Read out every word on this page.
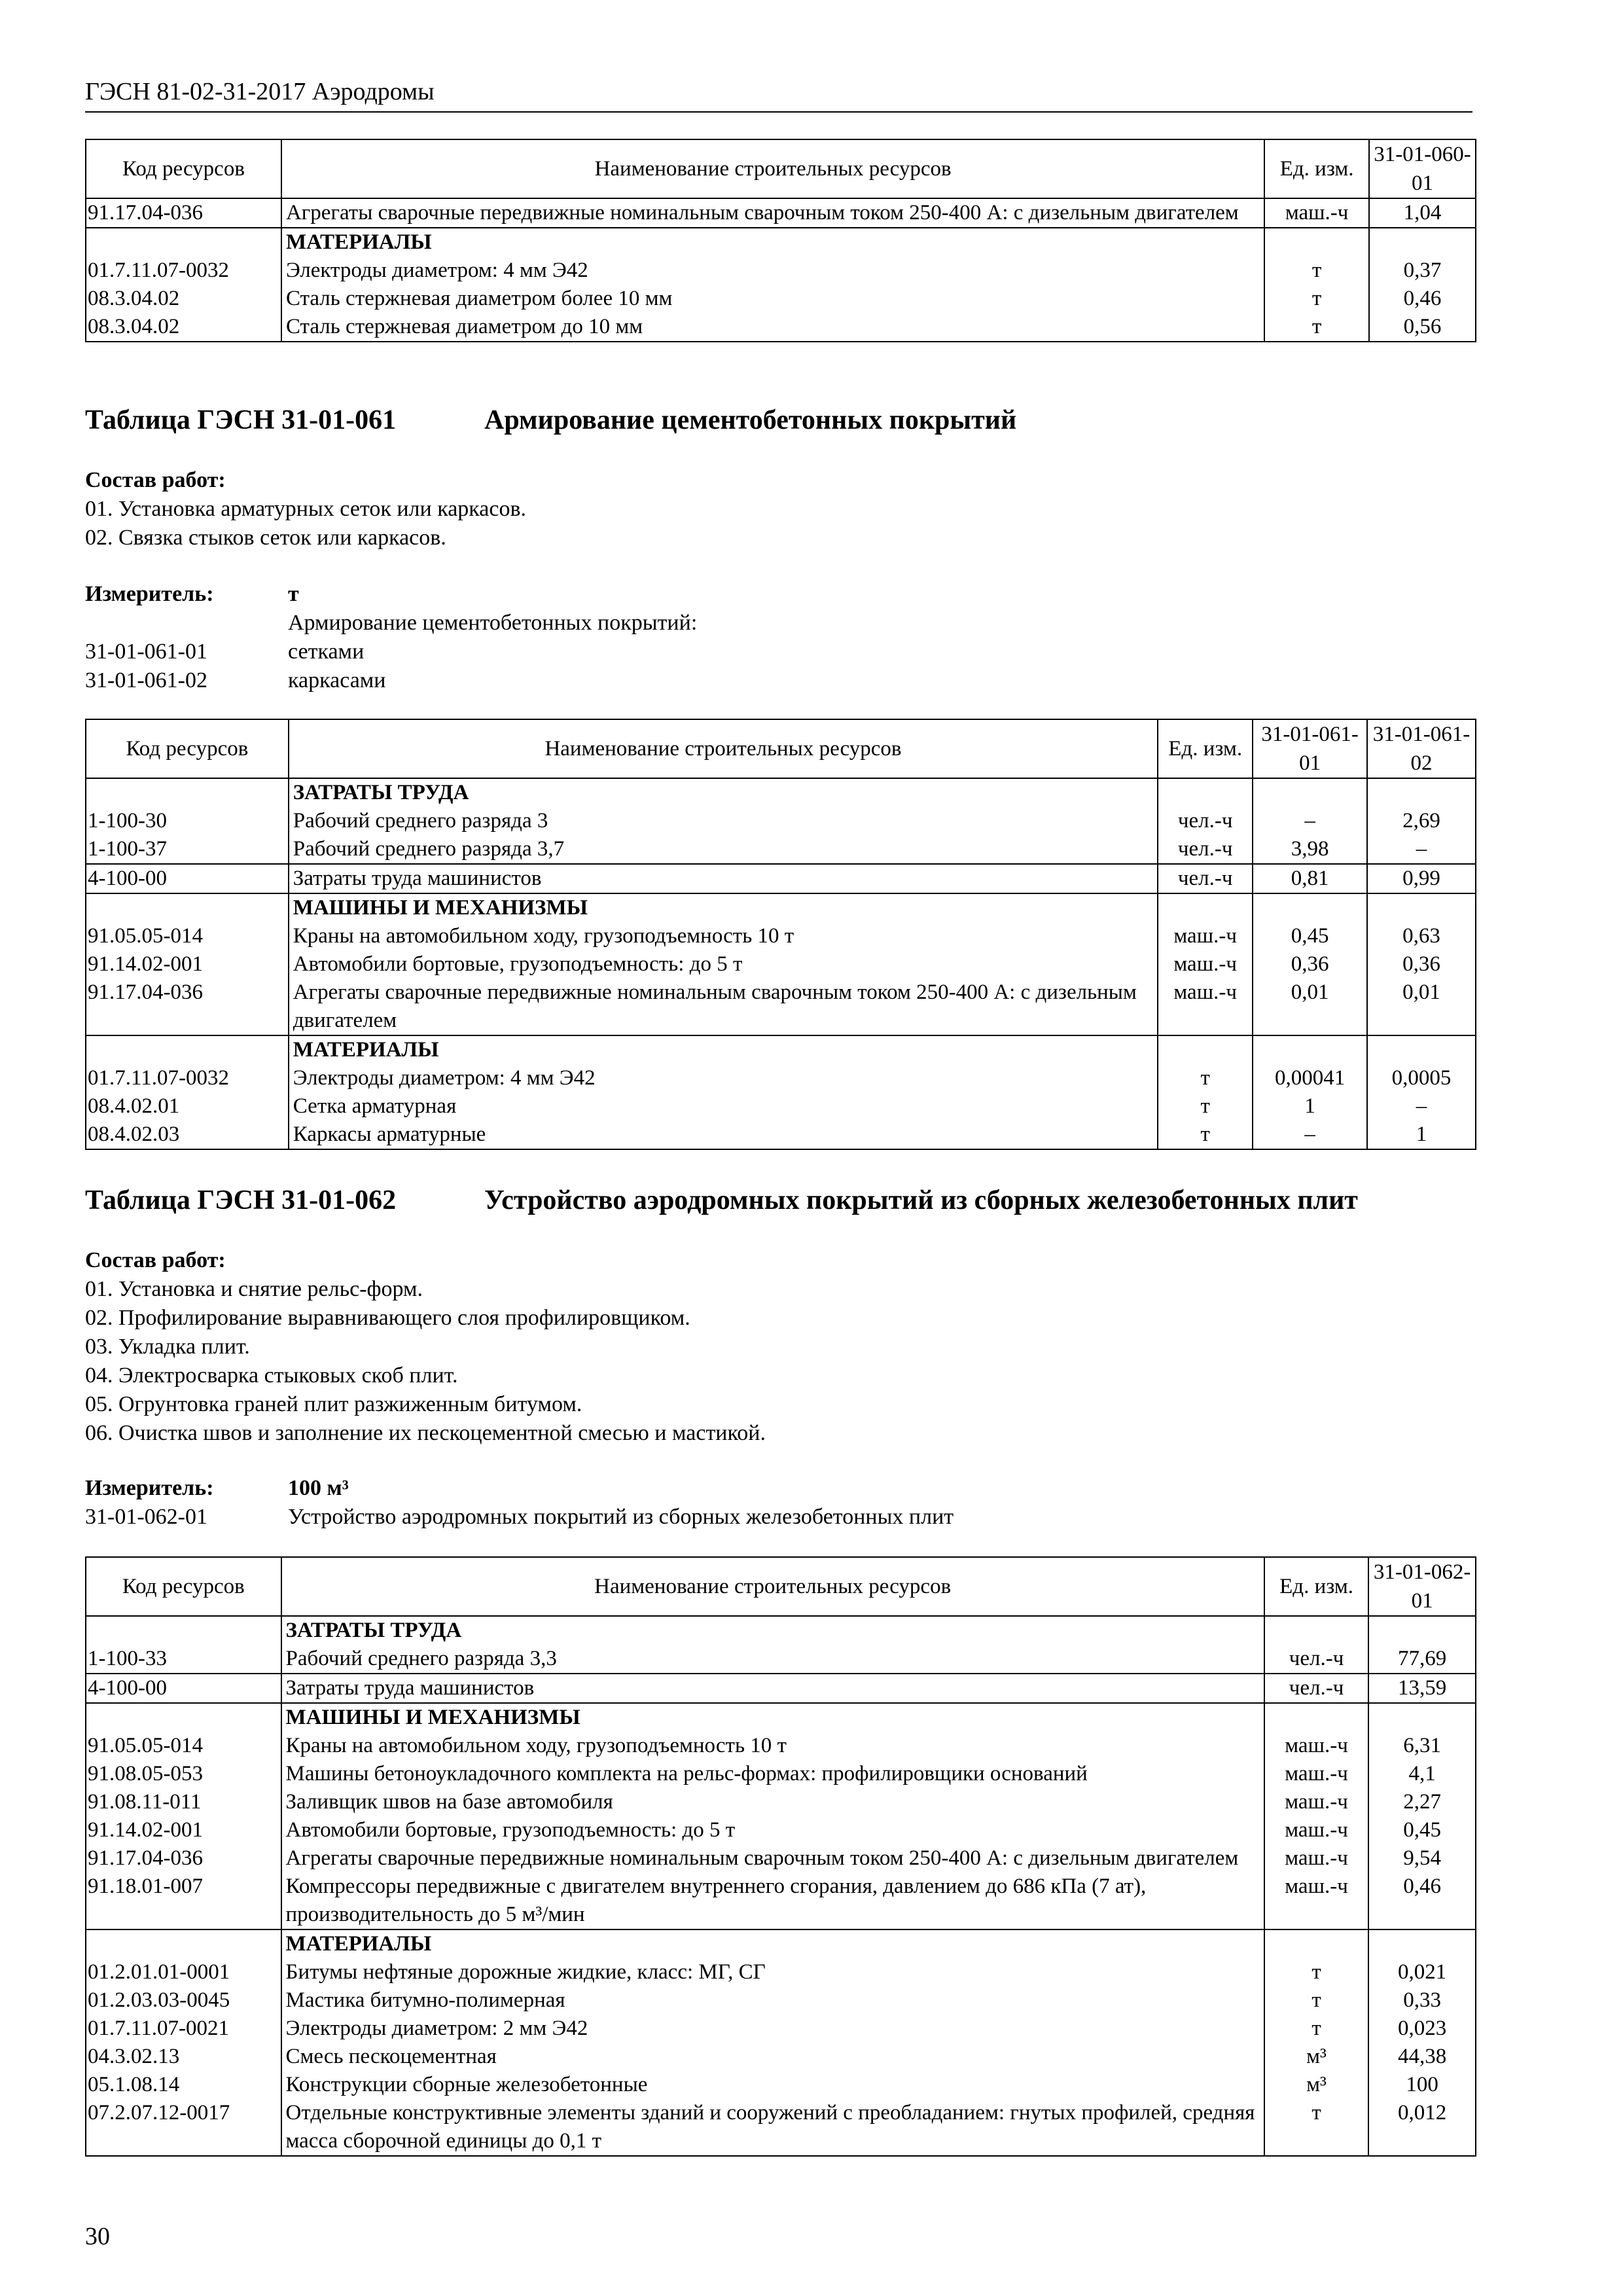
ГЭСН 81-02-31-2017 Аэродромы
Код ресурсов	Наименование строительных ресурсов	Ед. изм.	31-01-060-01
91.17.04-036	Агрегаты сварочные передвижные номинальным сварочным током 250-400 А: с дизельным двигателем	маш.-ч	1,04
	МАТЕРИАЛЫ		
01.7.11.07-0032	Электроды диаметром: 4 мм Э42	т	0,37
08.3.04.02	Сталь стержневая диаметром более 10 мм	т	0,46
08.3.04.02	Сталь стержневая диаметром до 10 мм	т	0,56
Таблица ГЭСН 31-01-061	Армирование цементобетонных покрытий
Состав работ:
01. Установка арматурных сеток или каркасов.
02. Связка стыков сеток или каркасов.
Измеритель:	т
Армирование цементобетонных покрытий:
31-01-061-01	сетками
31-01-061-02	каркасами
Код ресурсов	Наименование строительных ресурсов	Ед. изм.	31-01-061-01	31-01-061-02
	ЗАТРАТЫ ТРУДА			
1-100-30	Рабочий среднего разряда 3	чел.-ч	–	2,69
1-100-37	Рабочий среднего разряда 3,7	чел.-ч	3,98	–
4-100-00	Затраты труда машинистов	чел.-ч	0,81	0,99
	МАШИНЫ И МЕХАНИЗМЫ			
91.05.05-014	Краны на автомобильном ходу, грузоподъемность 10 т	маш.-ч	0,45	0,63
91.14.02-001	Автомобили бортовые, грузоподъемность: до 5 т	маш.-ч	0,36	0,36
91.17.04-036	Агрегаты сварочные передвижные номинальным сварочным током 250-400 А: с дизельным двигателем	маш.-ч	0,01	0,01
	МАТЕРИАЛЫ			
01.7.11.07-0032	Электроды диаметром: 4 мм Э42	т	0,00041	0,0005
08.4.02.01	Сетка арматурная	т	1	–
08.4.02.03	Каркасы арматурные	т	–	1
Таблица ГЭСН 31-01-062	Устройство аэродромных покрытий из сборных железобетонных плит
Состав работ:
01. Установка и снятие рельс-форм.
02. Профилирование выравнивающего слоя профилировщиком.
03. Укладка плит.
04. Электросварка стыковых скоб плит.
05. Огрунтовка граней плит разжиженным битумом.
06. Очистка швов и заполнение их пескоцементной смесью и мастикой.
Измеритель:	100 м³
31-01-062-01	Устройство аэродромных покрытий из сборных железобетонных плит
Код ресурсов	Наименование строительных ресурсов	Ед. изм.	31-01-062-01
	ЗАТРАТЫ ТРУДА		
1-100-33	Рабочий среднего разряда 3,3	чел.-ч	77,69
4-100-00	Затраты труда машинистов	чел.-ч	13,59
	МАШИНЫ И МЕХАНИЗМЫ		
91.05.05-014	Краны на автомобильном ходу, грузоподъемность 10 т	маш.-ч	6,31
91.08.05-053	Машины бетоноукладочного комплекта на рельс-формах: профилировщики оснований	маш.-ч	4,1
91.08.11-011	Заливщик швов на базе автомобиля	маш.-ч	2,27
91.14.02-001	Автомобили бортовые, грузоподъемность: до 5 т	маш.-ч	0,45
91.17.04-036	Агрегаты сварочные передвижные номинальным сварочным током 250-400 А: с дизельным двигателем	маш.-ч	9,54
91.18.01-007	Компрессоры передвижные с двигателем внутреннего сгорания, давлением до 686 кПа (7 ат), производительность до 5 м³/мин	маш.-ч	0,46
	МАТЕРИАЛЫ		
01.2.01.01-0001	Битумы нефтяные дорожные жидкие, класс: МГ, СГ	т	0,021
01.2.03.03-0045	Мастика битумно-полимерная	т	0,33
01.7.11.07-0021	Электроды диаметром: 2 мм Э42	т	0,023
04.3.02.13	Смесь пескоцементная	м³	44,38
05.1.08.14	Конструкции сборные железобетонные	м³	100
07.2.07.12-0017	Отдельные конструктивные элементы зданий и сооружений с преобладанием: гнутых профилей, средняя масса сборочной единицы до 0,1 т	т	0,012
30
